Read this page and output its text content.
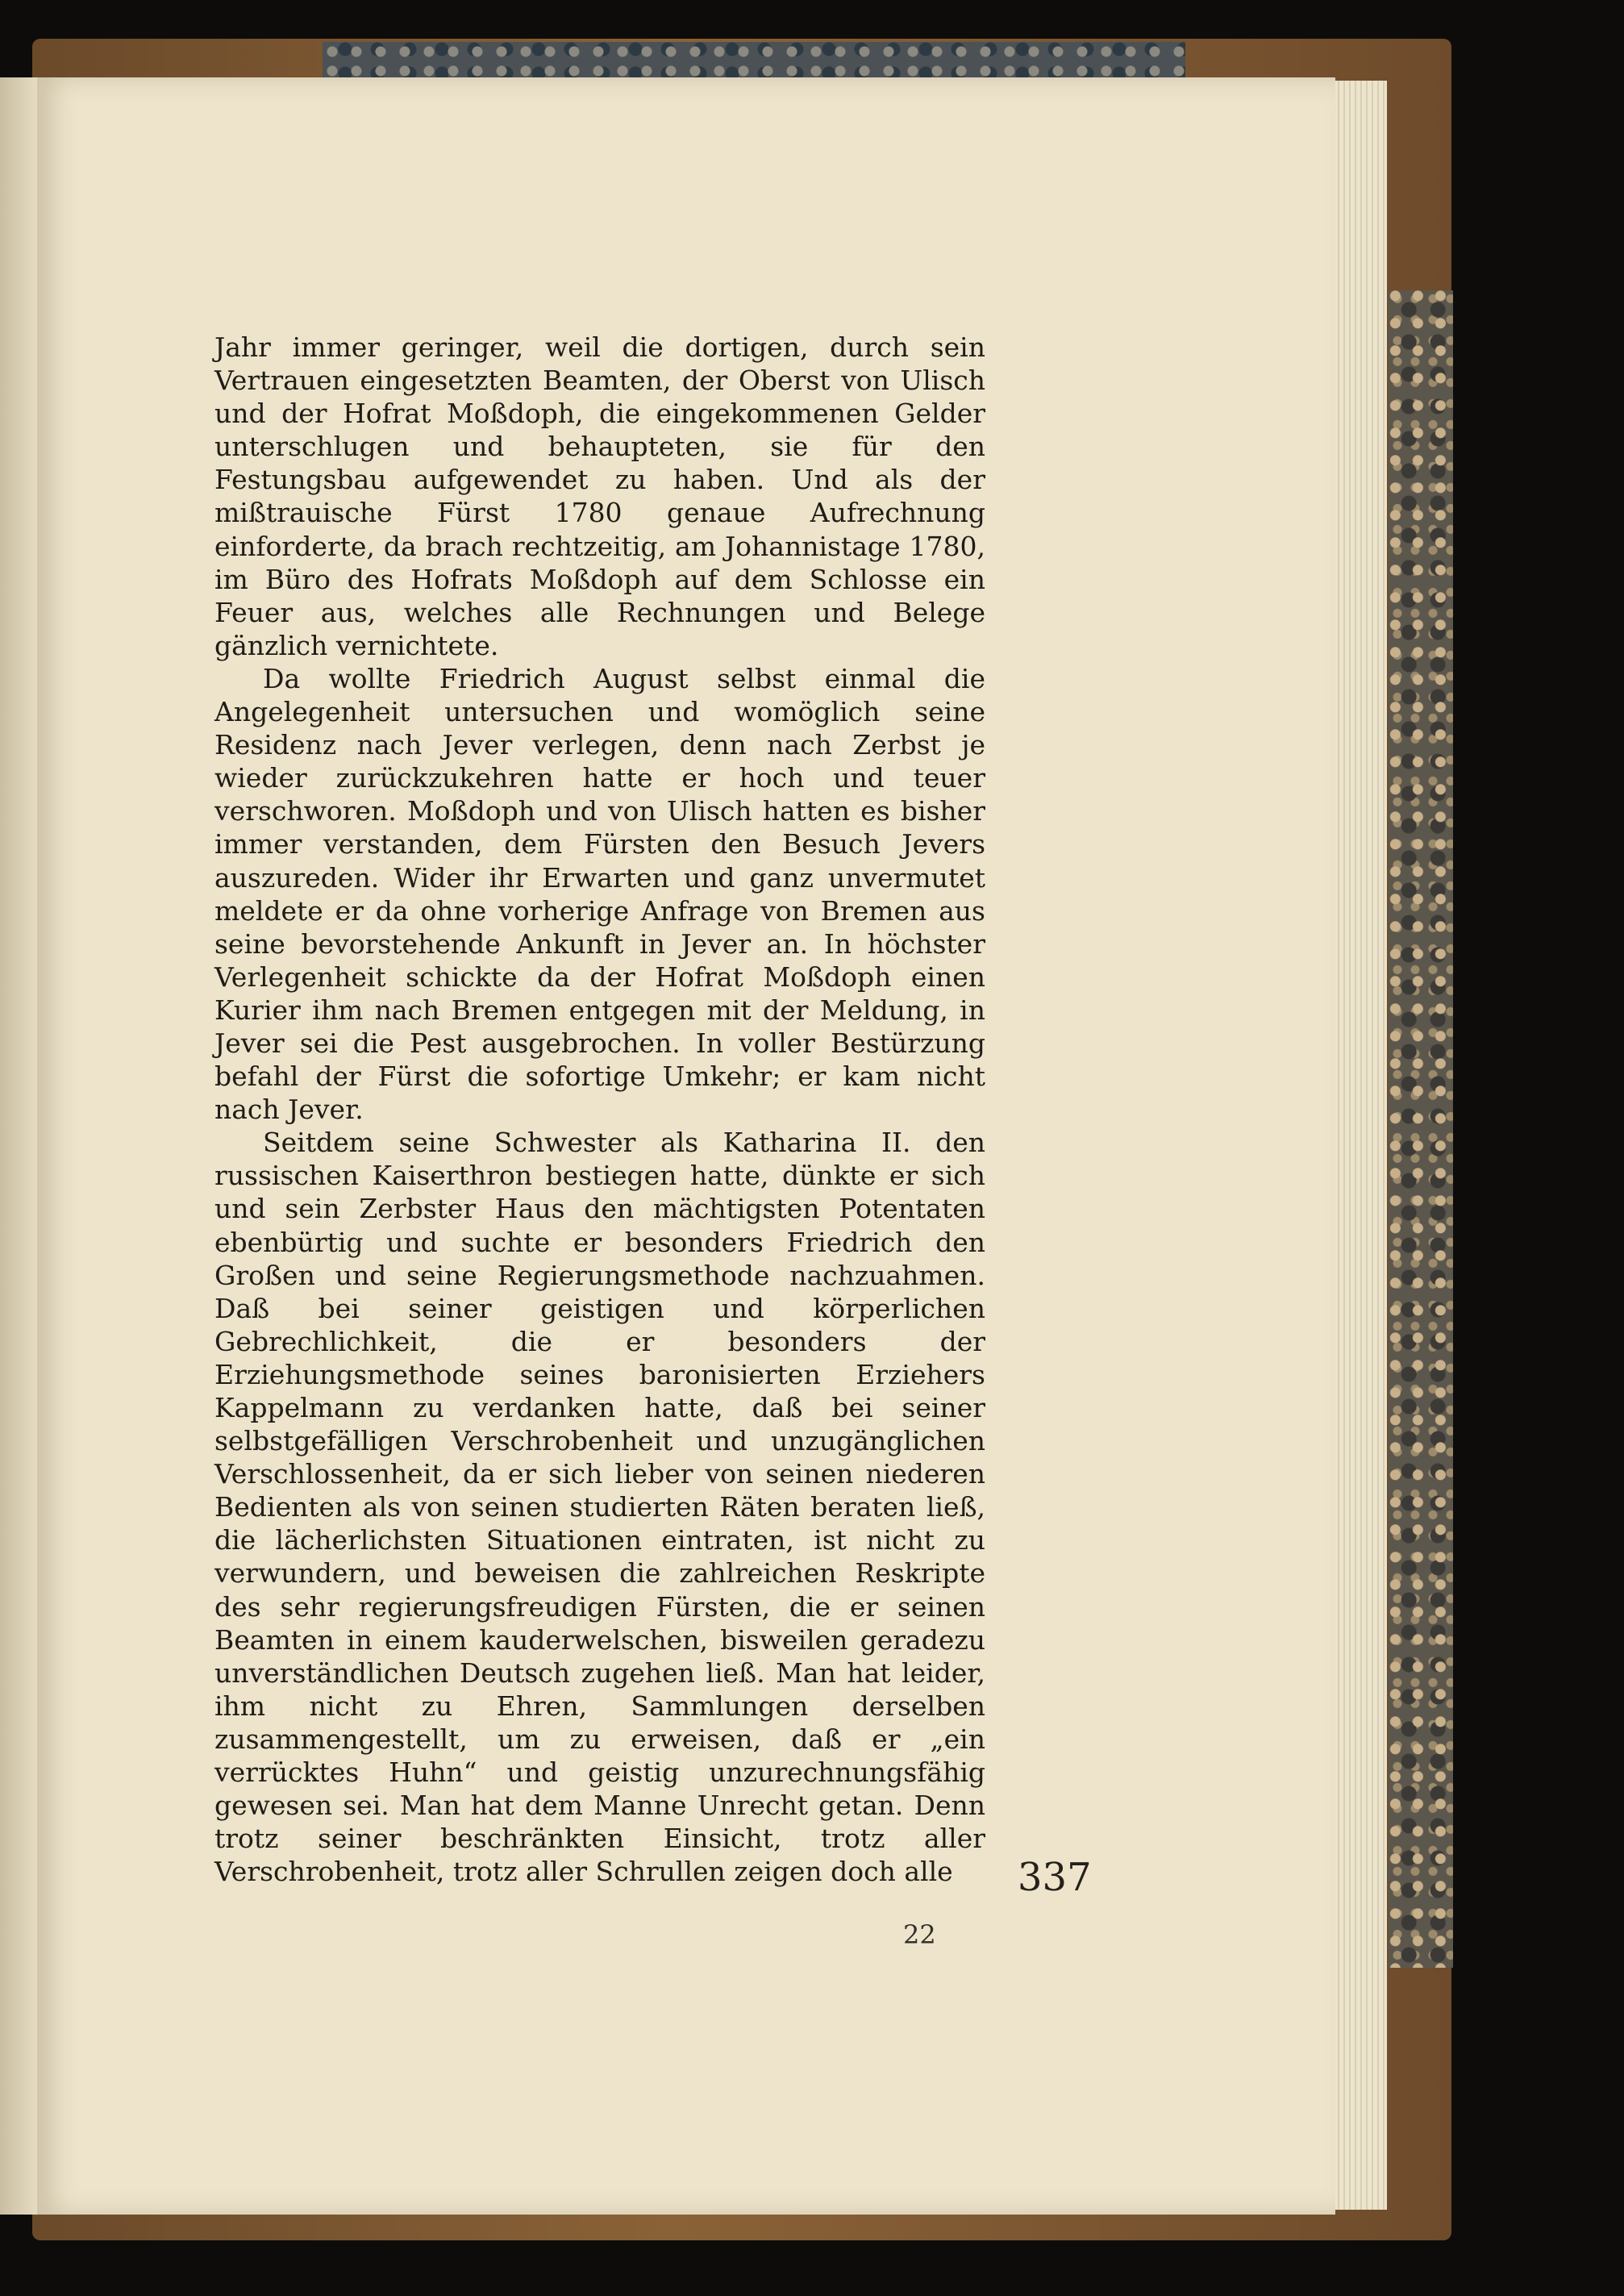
Jahr immer geringer, weil die dortigen, durch sein Vertrauen eingesetzten Beamten, der Oberst von Ulisch und der Hofrat Moßdoph, die eingekommenen Gelder unterschlugen und behaupteten, sie für den Festungsbau aufgewendet zu haben. Und als der mißtrauische Fürst 1780 genaue Aufrechnung einforderte, da brach rechtzeitig, am Johannistage 1780, im Büro des Hofrats Moßdoph auf dem Schlosse ein Feuer aus, welches alle Rechnungen und Belege gänzlich vernichtete.

Da wollte Friedrich August selbst einmal die Angelegenheit untersuchen und womöglich seine Residenz nach Jever verlegen, denn nach Zerbst je wieder zurückzukehren hatte er hoch und teuer verschworen. Moßdoph und von Ulisch hatten es bisher immer verstanden, dem Fürsten den Besuch Jevers auszureden. Wider ihr Erwarten und ganz unvermutet meldete er da ohne vorherige Anfrage von Bremen aus seine bevorstehende Ankunft in Jever an. In höchster Verlegenheit schickte da der Hofrat Moßdoph einen Kurier ihm nach Bremen entgegen mit der Meldung, in Jever sei die Pest ausgebrochen. In voller Bestürzung befahl der Fürst die sofortige Umkehr; er kam nicht nach Jever.

Seitdem seine Schwester als Katharina II. den russischen Kaiserthron bestiegen hatte, dünkte er sich und sein Zerbster Haus den mächtigsten Potentaten ebenbürtig und suchte er besonders Friedrich den Großen und seine Regierungsmethode nachzuahmen. Daß bei seiner geistigen und körperlichen Gebrechlichkeit, die er besonders der Erziehungsmethode seines baronisierten Erziehers Kappelmann zu verdanken hatte, daß bei seiner selbstgefälligen Verschrobenheit und unzugänglichen Verschlossenheit, da er sich lieber von seinen niederen Bedienten als von seinen studierten Räten beraten ließ, die lächerlichsten Situationen eintraten, ist nicht zu verwundern, und beweisen die zahlreichen Reskripte des sehr regierungsfreudigen Fürsten, die er seinen Beamten in einem kauderwelschen, bisweilen geradezu unverständlichen Deutsch zugehen ließ. Man hat leider, ihm nicht zu Ehren, Sammlungen derselben zusammengestellt, um zu erweisen, daß er „ein verrücktes Huhn“ und geistig unzurechnungsfähig gewesen sei. Man hat dem Manne Unrecht getan. Denn trotz seiner beschränkten Einsicht, trotz aller Verschrobenheit, trotz aller Schrullen zeigen doch alle	337
22
